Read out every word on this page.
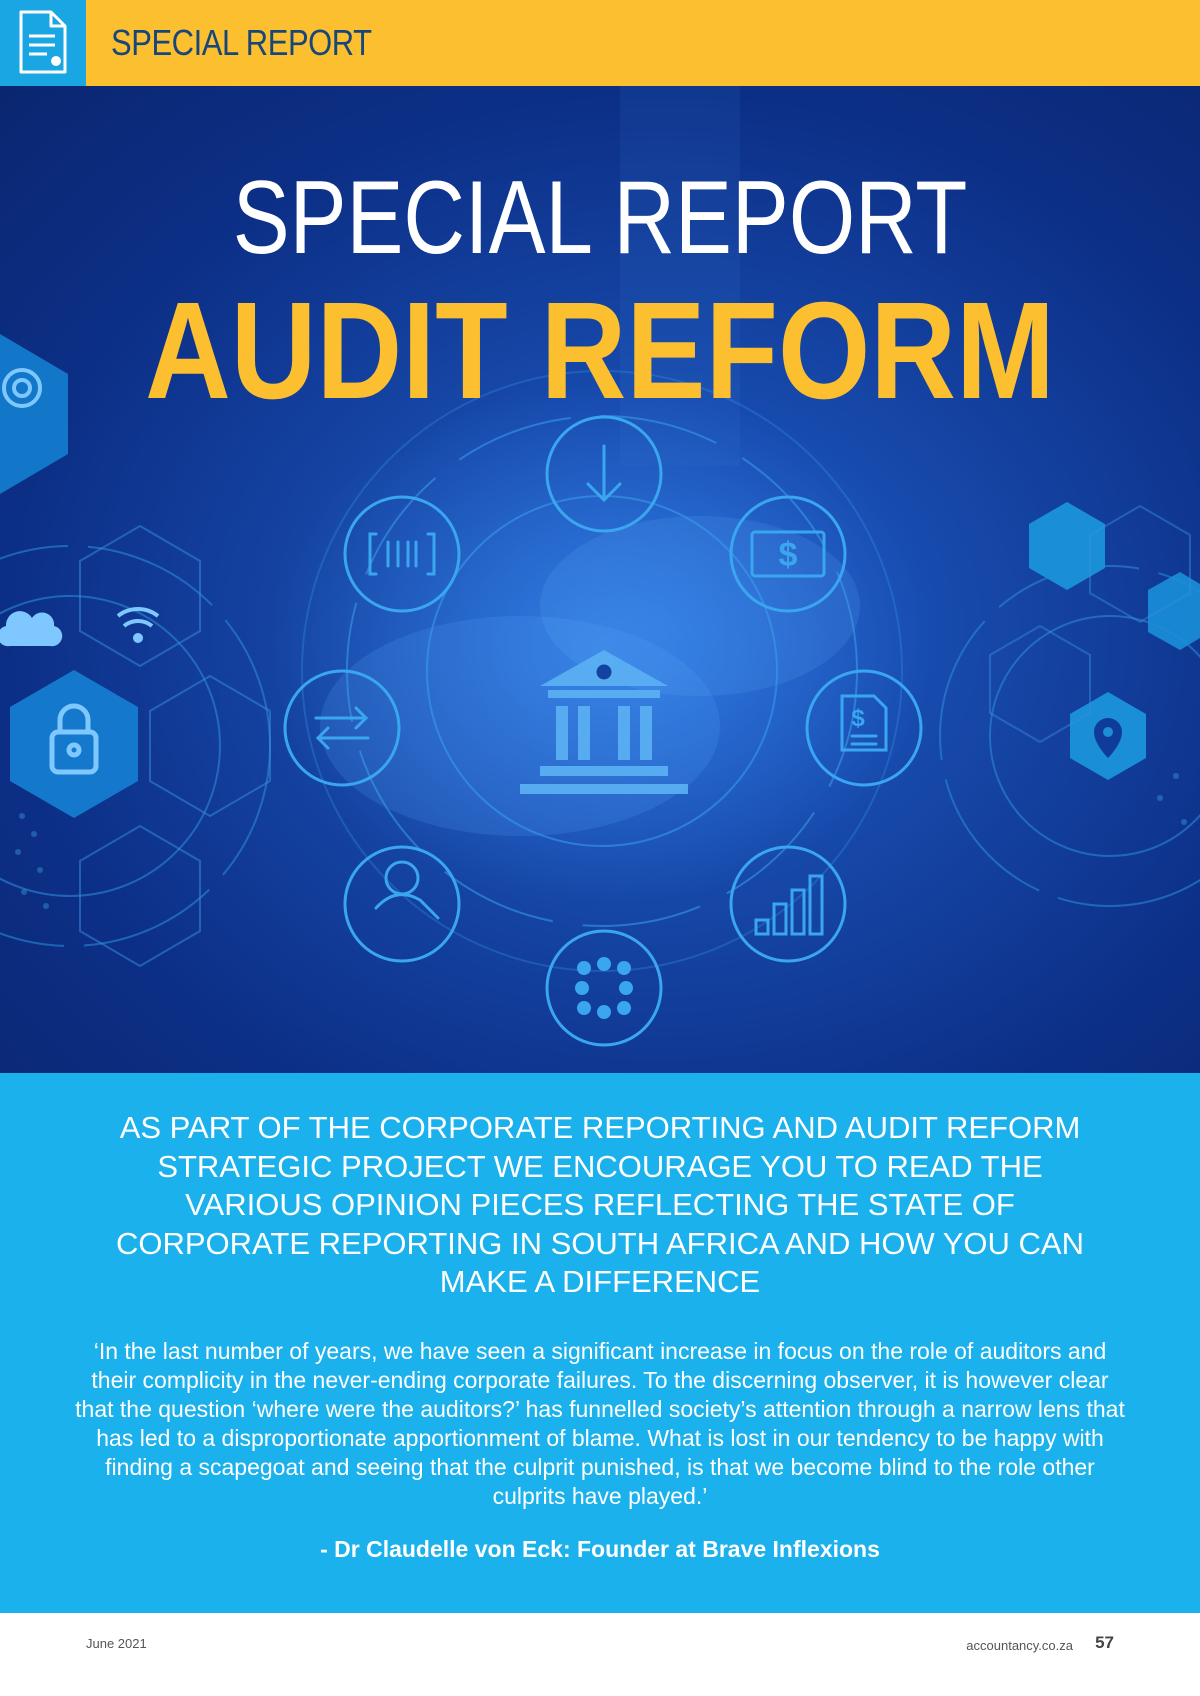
SPECIAL REPORT
$
$
SPECIAL REPORT
AUDIT REFORM
AS PART OF THE CORPORATE REPORTING AND AUDIT REFORM STRATEGIC PROJECT WE ENCOURAGE YOU TO READ THE VARIOUS OPINION PIECES REFLECTING THE STATE OF CORPORATE REPORTING IN SOUTH AFRICA AND HOW YOU CAN MAKE A DIFFERENCE
‘In the last number of years, we have seen a significant increase in focus on the role of auditors and their complicity in the never-ending corporate failures. To the discerning observer, it is however clear that the question ‘where were the auditors?’ has funnelled society’s attention through a narrow lens that has led to a disproportionate apportionment of blame. What is lost in our tendency to be happy with finding a scapegoat and seeing that the culprit punished, is that we become blind to the role other culprits have played.’
- Dr Claudelle von Eck: Founder at Brave Inflexions
June 2021	accountancy.co.za 57
